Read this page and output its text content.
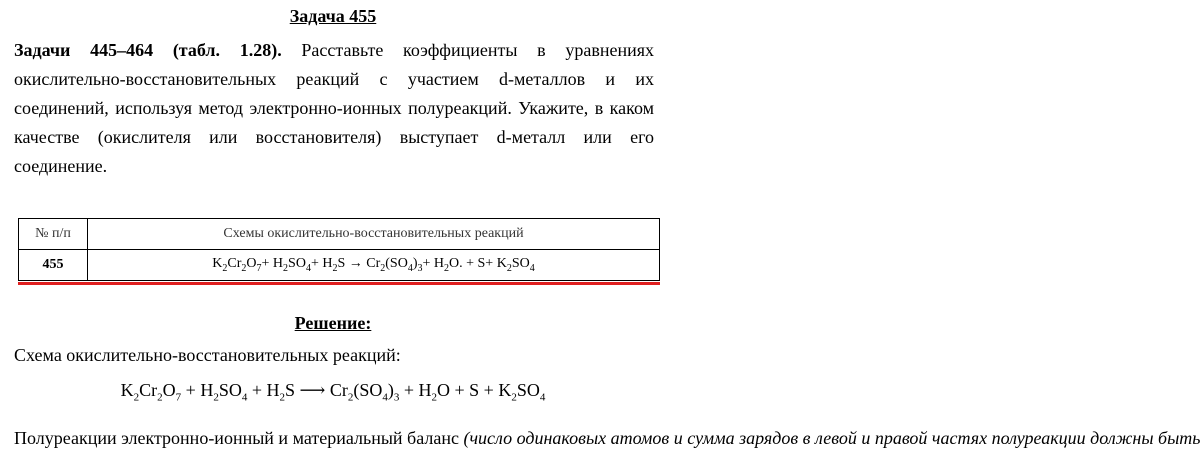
Задача 455
Задачи 445–464 (табл. 1.28). Расставьте коэффициенты в уравнениях окислительно-восстановительных реакций с участием d-металлов и их соединений, используя метод электронно-ионных полуреакций. Укажите, в каком качестве (окислителя или восстановителя) выступает d-металл или его соединение.
№ п/п	Схемы окислительно-восстановительных реакций
455	$K_2Cr_2O_7+ H_2SO_4+ H_2S \to Cr_2(SO_4)_3+ H_2O$. + $S+ K_2SO_4$
Решение:
Схема окислительно-восстановительных реакций:
$K_2Cr_2O_7 + H_2SO_4 + H_2S$ ⟶ $Cr_2(SO_4)_3 + H_2O + S + K_2SO_4$
Полуреакции электронно-ионный и материальный баланс (число одинаковых атомов и сумма зарядов в левой и правой частях полуреакции должны быть
